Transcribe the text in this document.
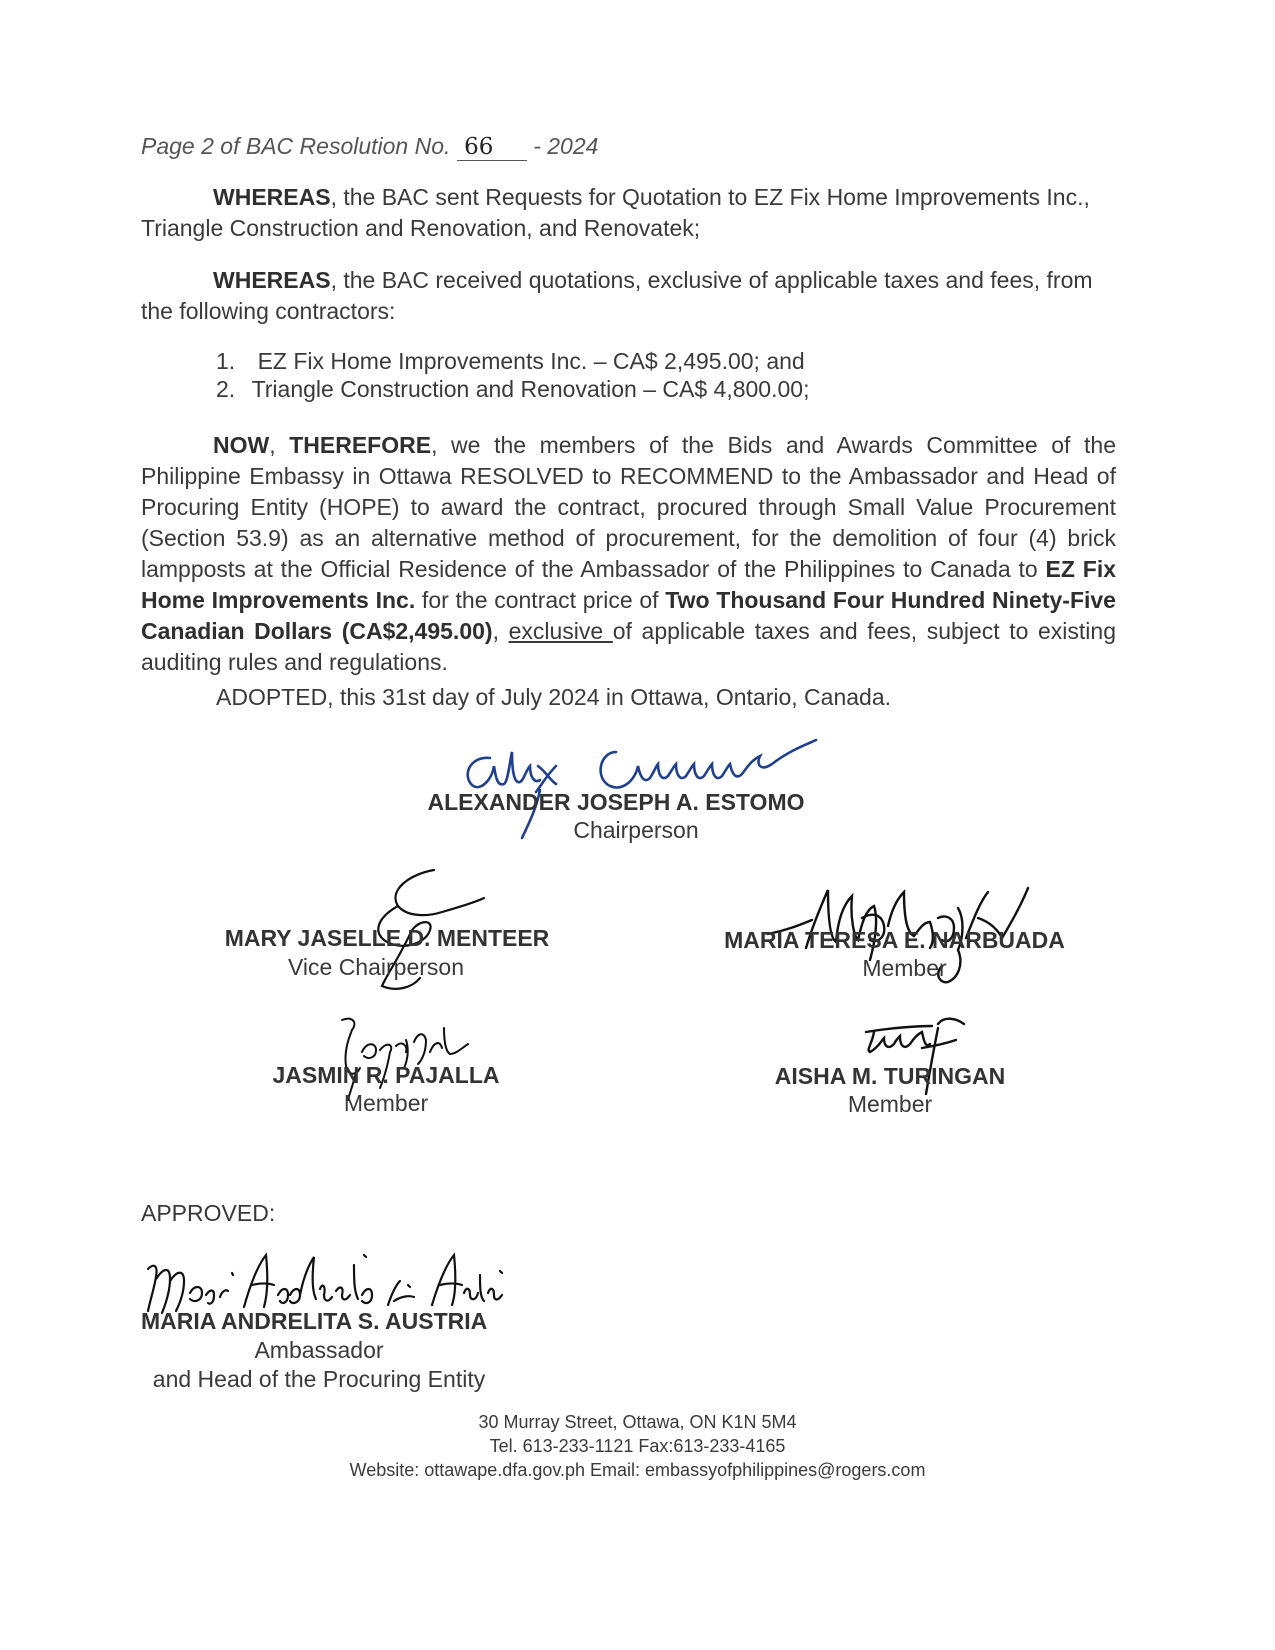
Page 2 of BAC Resolution No. 66 - 2024
WHEREAS, the BAC sent Requests for Quotation to EZ Fix Home Improvements Inc., Triangle Construction and Renovation, and Renovatek;
WHEREAS, the BAC received quotations, exclusive of applicable taxes and fees, from the following contractors:
1. EZ Fix Home Improvements Inc. – CA$ 2,495.00; and
2. Triangle Construction and Renovation – CA$ 4,800.00;
NOW, THEREFORE, we the members of the Bids and Awards Committee of the Philippine Embassy in Ottawa RESOLVED to RECOMMEND to the Ambassador and Head of Procuring Entity (HOPE) to award the contract, procured through Small Value Procurement (Section 53.9) as an alternative method of procurement, for the demolition of four (4) brick lampposts at the Official Residence of the Ambassador of the Philippines to Canada to EZ Fix Home Improvements Inc. for the contract price of Two Thousand Four Hundred Ninety-Five Canadian Dollars (CA$2,495.00), exclusive of applicable taxes and fees, subject to existing auditing rules and regulations.
ADOPTED, this 31st day of July 2024 in Ottawa, Ontario, Canada.
ALEXANDER JOSEPH A. ESTOMO
Chairperson
MARY JASELLE D. MENTEER
Vice Chairperson
MARIA TERESA E. NARBUADA
Member
JASMIN R. PAJALLA
Member
AISHA M. TURINGAN
Member
APPROVED:
MARIA ANDRELITA S. AUSTRIA
Ambassador
and Head of the Procuring Entity
30 Murray Street, Ottawa, ON K1N 5M4
Tel. 613-233-1121 Fax:613-233-4165
Website: ottawape.dfa.gov.ph Email: embassyofphilippines@rogers.com
